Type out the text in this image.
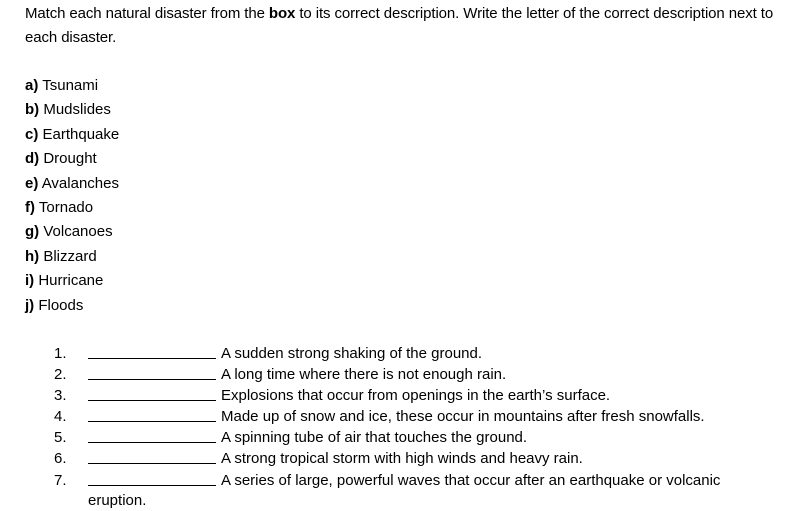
Match each natural disaster from the box to its correct description. Write the letter of the correct description next to each disaster.
a) Tsunami
b) Mudslides
c) Earthquake
d) Drought
e) Avalanches
f) Tornado
g) Volcanoes
h) Blizzard
i) Hurricane
j) Floods
1.	A sudden strong shaking of the ground.
2.	A long time where there is not enough rain.
3.	Explosions that occur from openings in the earth’s surface.
4.	Made up of snow and ice, these occur in mountains after fresh snowfalls.
5.	A spinning tube of air that touches the ground.
6.	A strong tropical storm with high winds and heavy rain.
7.	A series of large, powerful waves that occur after an earthquake or volcanic
eruption.
